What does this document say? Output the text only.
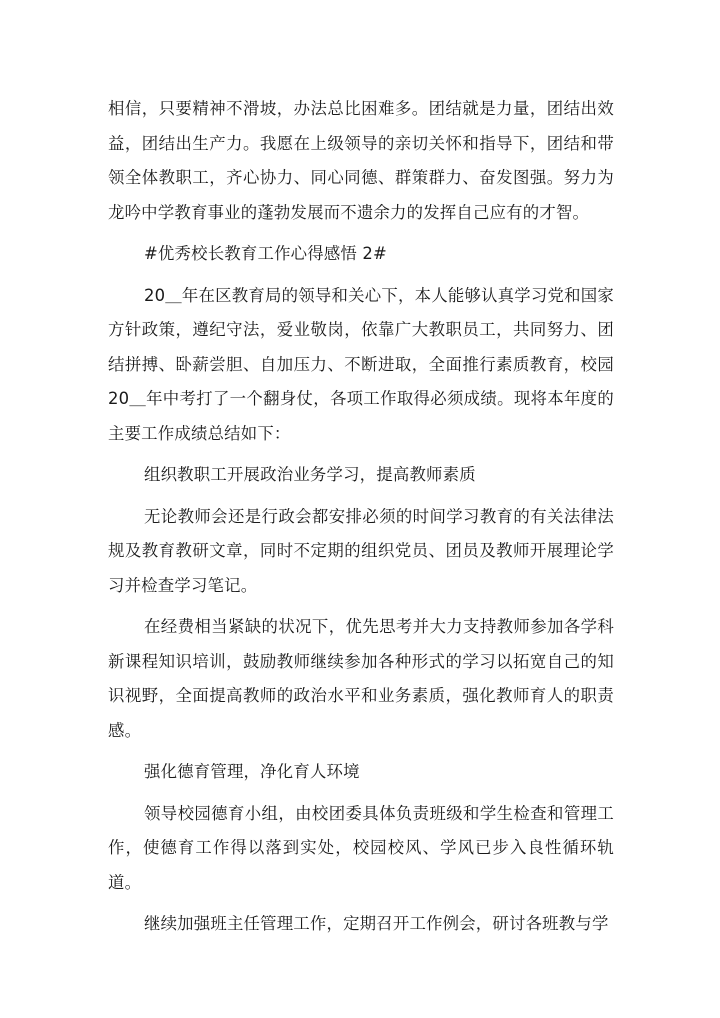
相信，只要精神不滑坡，办法总比困难多。团结就是力量，团结出效益，团结出生产力。我愿在上级领导的亲切关怀和指导下，团结和带领全体教职工，齐心协力、同心同德、群策群力、奋发图强。努力为龙吟中学教育事业的蓬勃发展而不遗余力的发挥自己应有的才智。

#优秀校长教育工作心得感悟 2#

20＿年在区教育局的领导和关心下，本人能够认真学习党和国家方针政策，遵纪守法，爱业敬岗，依靠广大教职员工，共同努力、团结拼搏、卧薪尝胆、自加压力、不断进取，全面推行素质教育，校园20＿年中考打了一个翻身仗，各项工作取得必须成绩。现将本年度的主要工作成绩总结如下：

组织教职工开展政治业务学习，提高教师素质

无论教师会还是行政会都安排必须的时间学习教育的有关法律法规及教育教研文章，同时不定期的组织党员、团员及教师开展理论学习并检查学习笔记。

在经费相当紧缺的状况下，优先思考并大力支持教师参加各学科新课程知识培训，鼓励教师继续参加各种形式的学习以拓宽自己的知识视野，全面提高教师的政治水平和业务素质，强化教师育人的职责感。

强化德育管理，净化育人环境

领导校园德育小组，由校团委具体负责班级和学生检查和管理工作，使德育工作得以落到实处，校园校风、学风已步入良性循环轨道。

继续加强班主任管理工作，定期召开工作例会，研讨各班教与学
